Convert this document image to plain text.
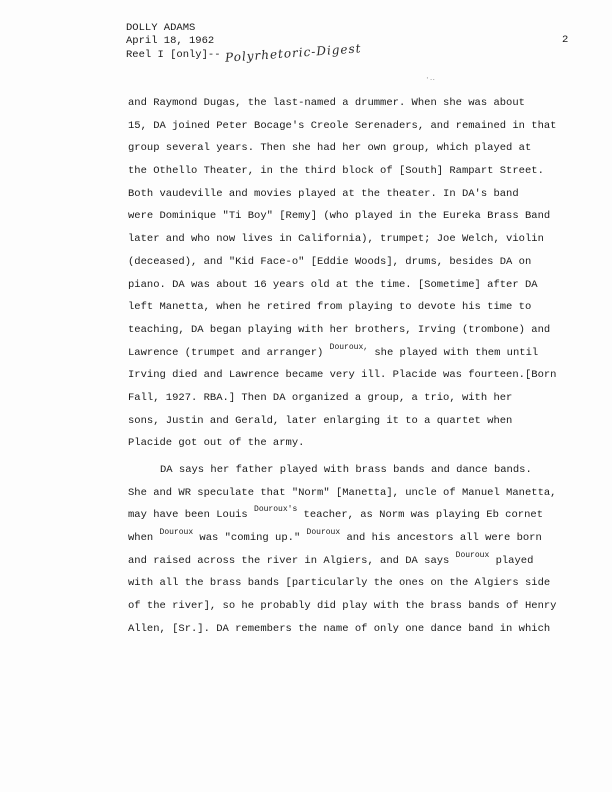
DOLLY ADAMS
April 18, 1962
Reel I [only]-- Polyrhetoric-Digest
2
·‥
and Raymond Dugas, the last-named a drummer. When she was about
15, DA joined Peter Bocage's Creole Serenaders, and remained in that
group several years. Then she had her own group, which played at
the Othello Theater, in the third block of [South] Rampart Street.
Both vaudeville and movies played at the theater. In DA's band
were Dominique "Ti Boy" [Remy] (who played in the Eureka Brass Band
later and who now lives in California), trumpet; Joe Welch, violin
(deceased), and "Kid Face-o" [Eddie Woods], drums, besides DA on
piano. DA was about 16 years old at the time. [Sometime] after DA
left Manetta, when he retired from playing to devote his time to
teaching, DA began playing with her brothers, Irving (trombone) and
Lawrence (trumpet and arranger) $^{Douroux,}$ she played with them until
Irving died and Lawrence became very ill. Placide was fourteen.[Born
Fall, 1927. RBA.] Then DA organized a group, a trio, with her
sons, Justin and Gerald, later enlarging it to a quartet when
Placide got out of the army.
DA says her father played with brass bands and dance bands.
She and WR speculate that "Norm" [Manetta], uncle of Manuel Manetta,
may have been Louis $^{Douroux's}$ teacher, as Norm was playing Eb cornet
when $^{Douroux}$ was "coming up." $^{Douroux}$ and his ancestors all were born
and raised across the river in Algiers, and DA says $^{Douroux}$ played
with all the brass bands [particularly the ones on the Algiers side
of the river], so he probably did play with the brass bands of Henry
Allen, [Sr.]. DA remembers the name of only one dance band in which
